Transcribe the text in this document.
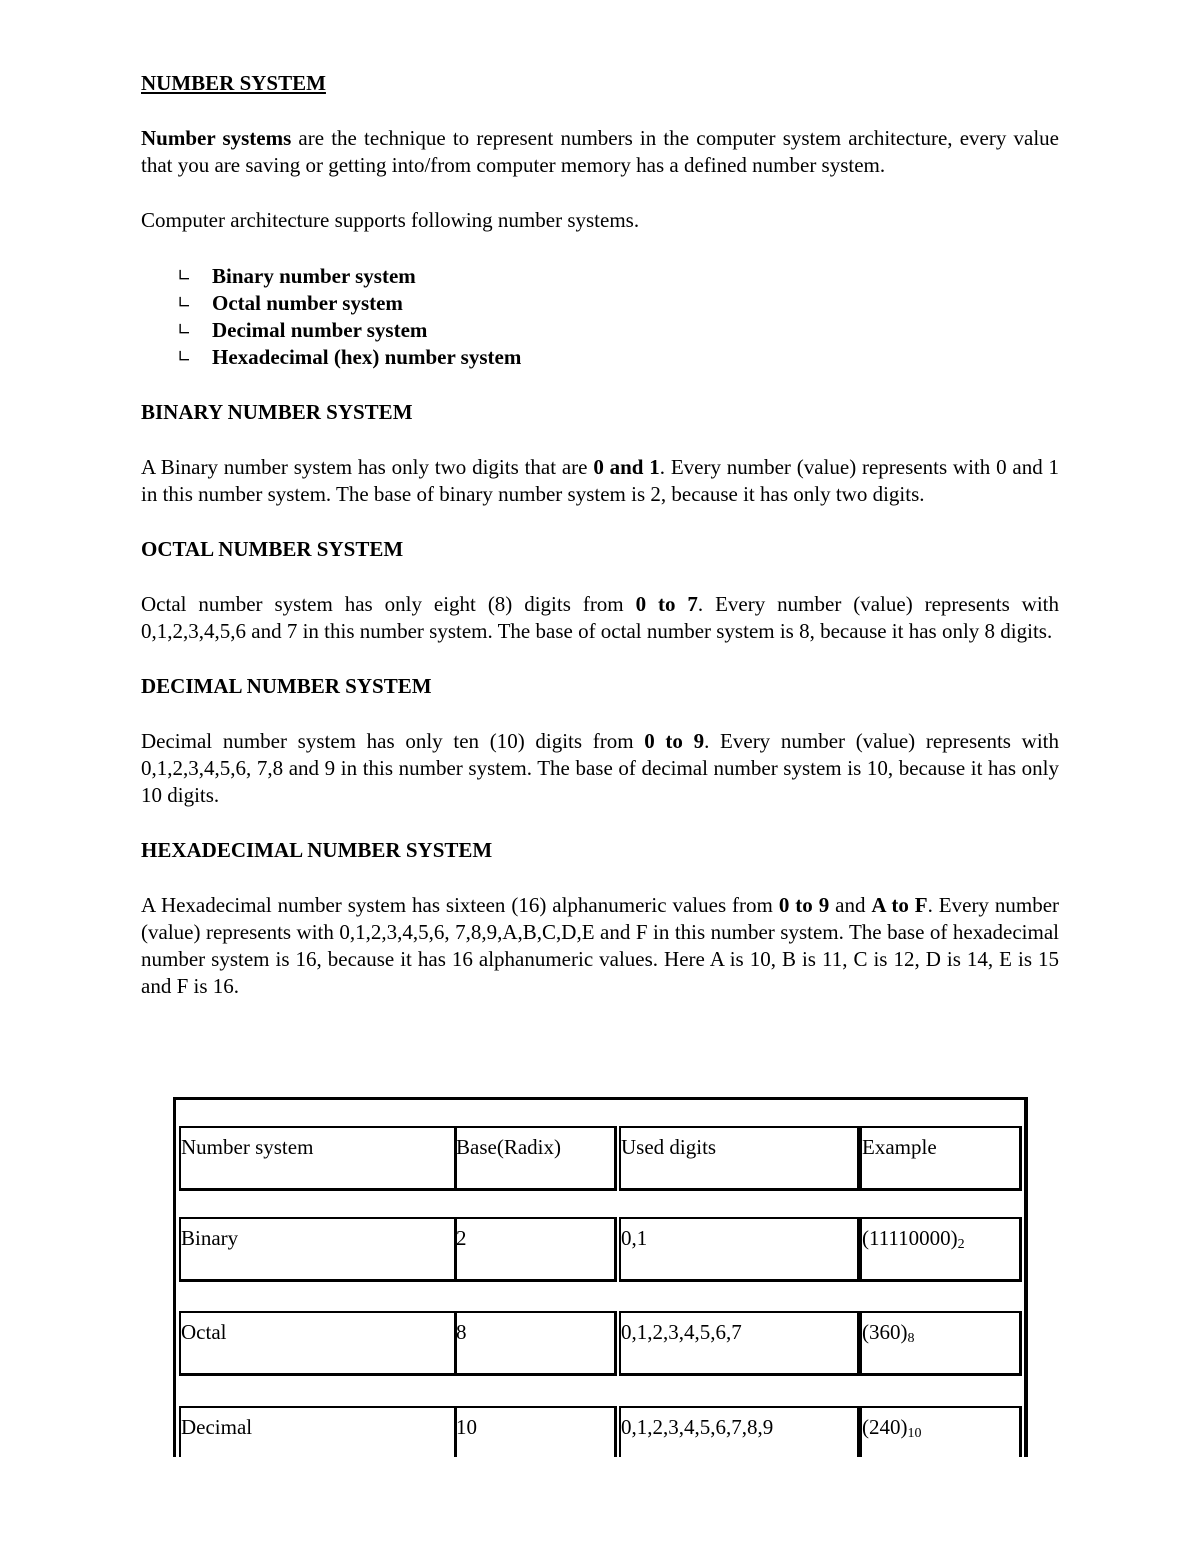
NUMBER SYSTEM

Number systems are the technique to represent numbers in the computer system architecture, every value that you are saving or getting into/from computer memory has a defined number system.

Computer architecture supports following number systems.

∟ Binary number system
∟ Octal number system
∟ Decimal number system
∟ Hexadecimal (hex) number system
BINARY NUMBER SYSTEM

A Binary number system has only two digits that are 0 and 1. Every number (value) represents with 0 and 1 in this number system. The base of binary number system is 2, because it has only two digits.

OCTAL NUMBER SYSTEM

Octal number system has only eight (8) digits from 0 to 7. Every number (value) represents with 0,1,2,3,4,5,6 and 7 in this number system. The base of octal number system is 8, because it has only 8 digits.

DECIMAL NUMBER SYSTEM

Decimal number system has only ten (10) digits from 0 to 9. Every number (value) represents with 0,1,2,3,4,5,6, 7,8 and 9 in this number system. The base of decimal number system is 10, because it has only 10 digits.

HEXADECIMAL NUMBER SYSTEM

A Hexadecimal number system has sixteen (16) alphanumeric values from 0 to 9 and A to F. Every number (value) represents with 0,1,2,3,4,5,6, 7,8,9,A,B,C,D,E and F in this number system. The base of hexadecimal number system is 16, because it has 16 alphanumeric values. Here A is 10, B is 11, C is 12, D is 14, E is 15 and F is 16.

Number system	Base(Radix)	Used digits	Example
Binary	2	0,1	$(11110000)_2$
Octal	8	0,1,2,3,4,5,6,7	$(360)_8$
Decimal	10	0,1,2,3,4,5,6,7,8,9	$(240)_{10}$
